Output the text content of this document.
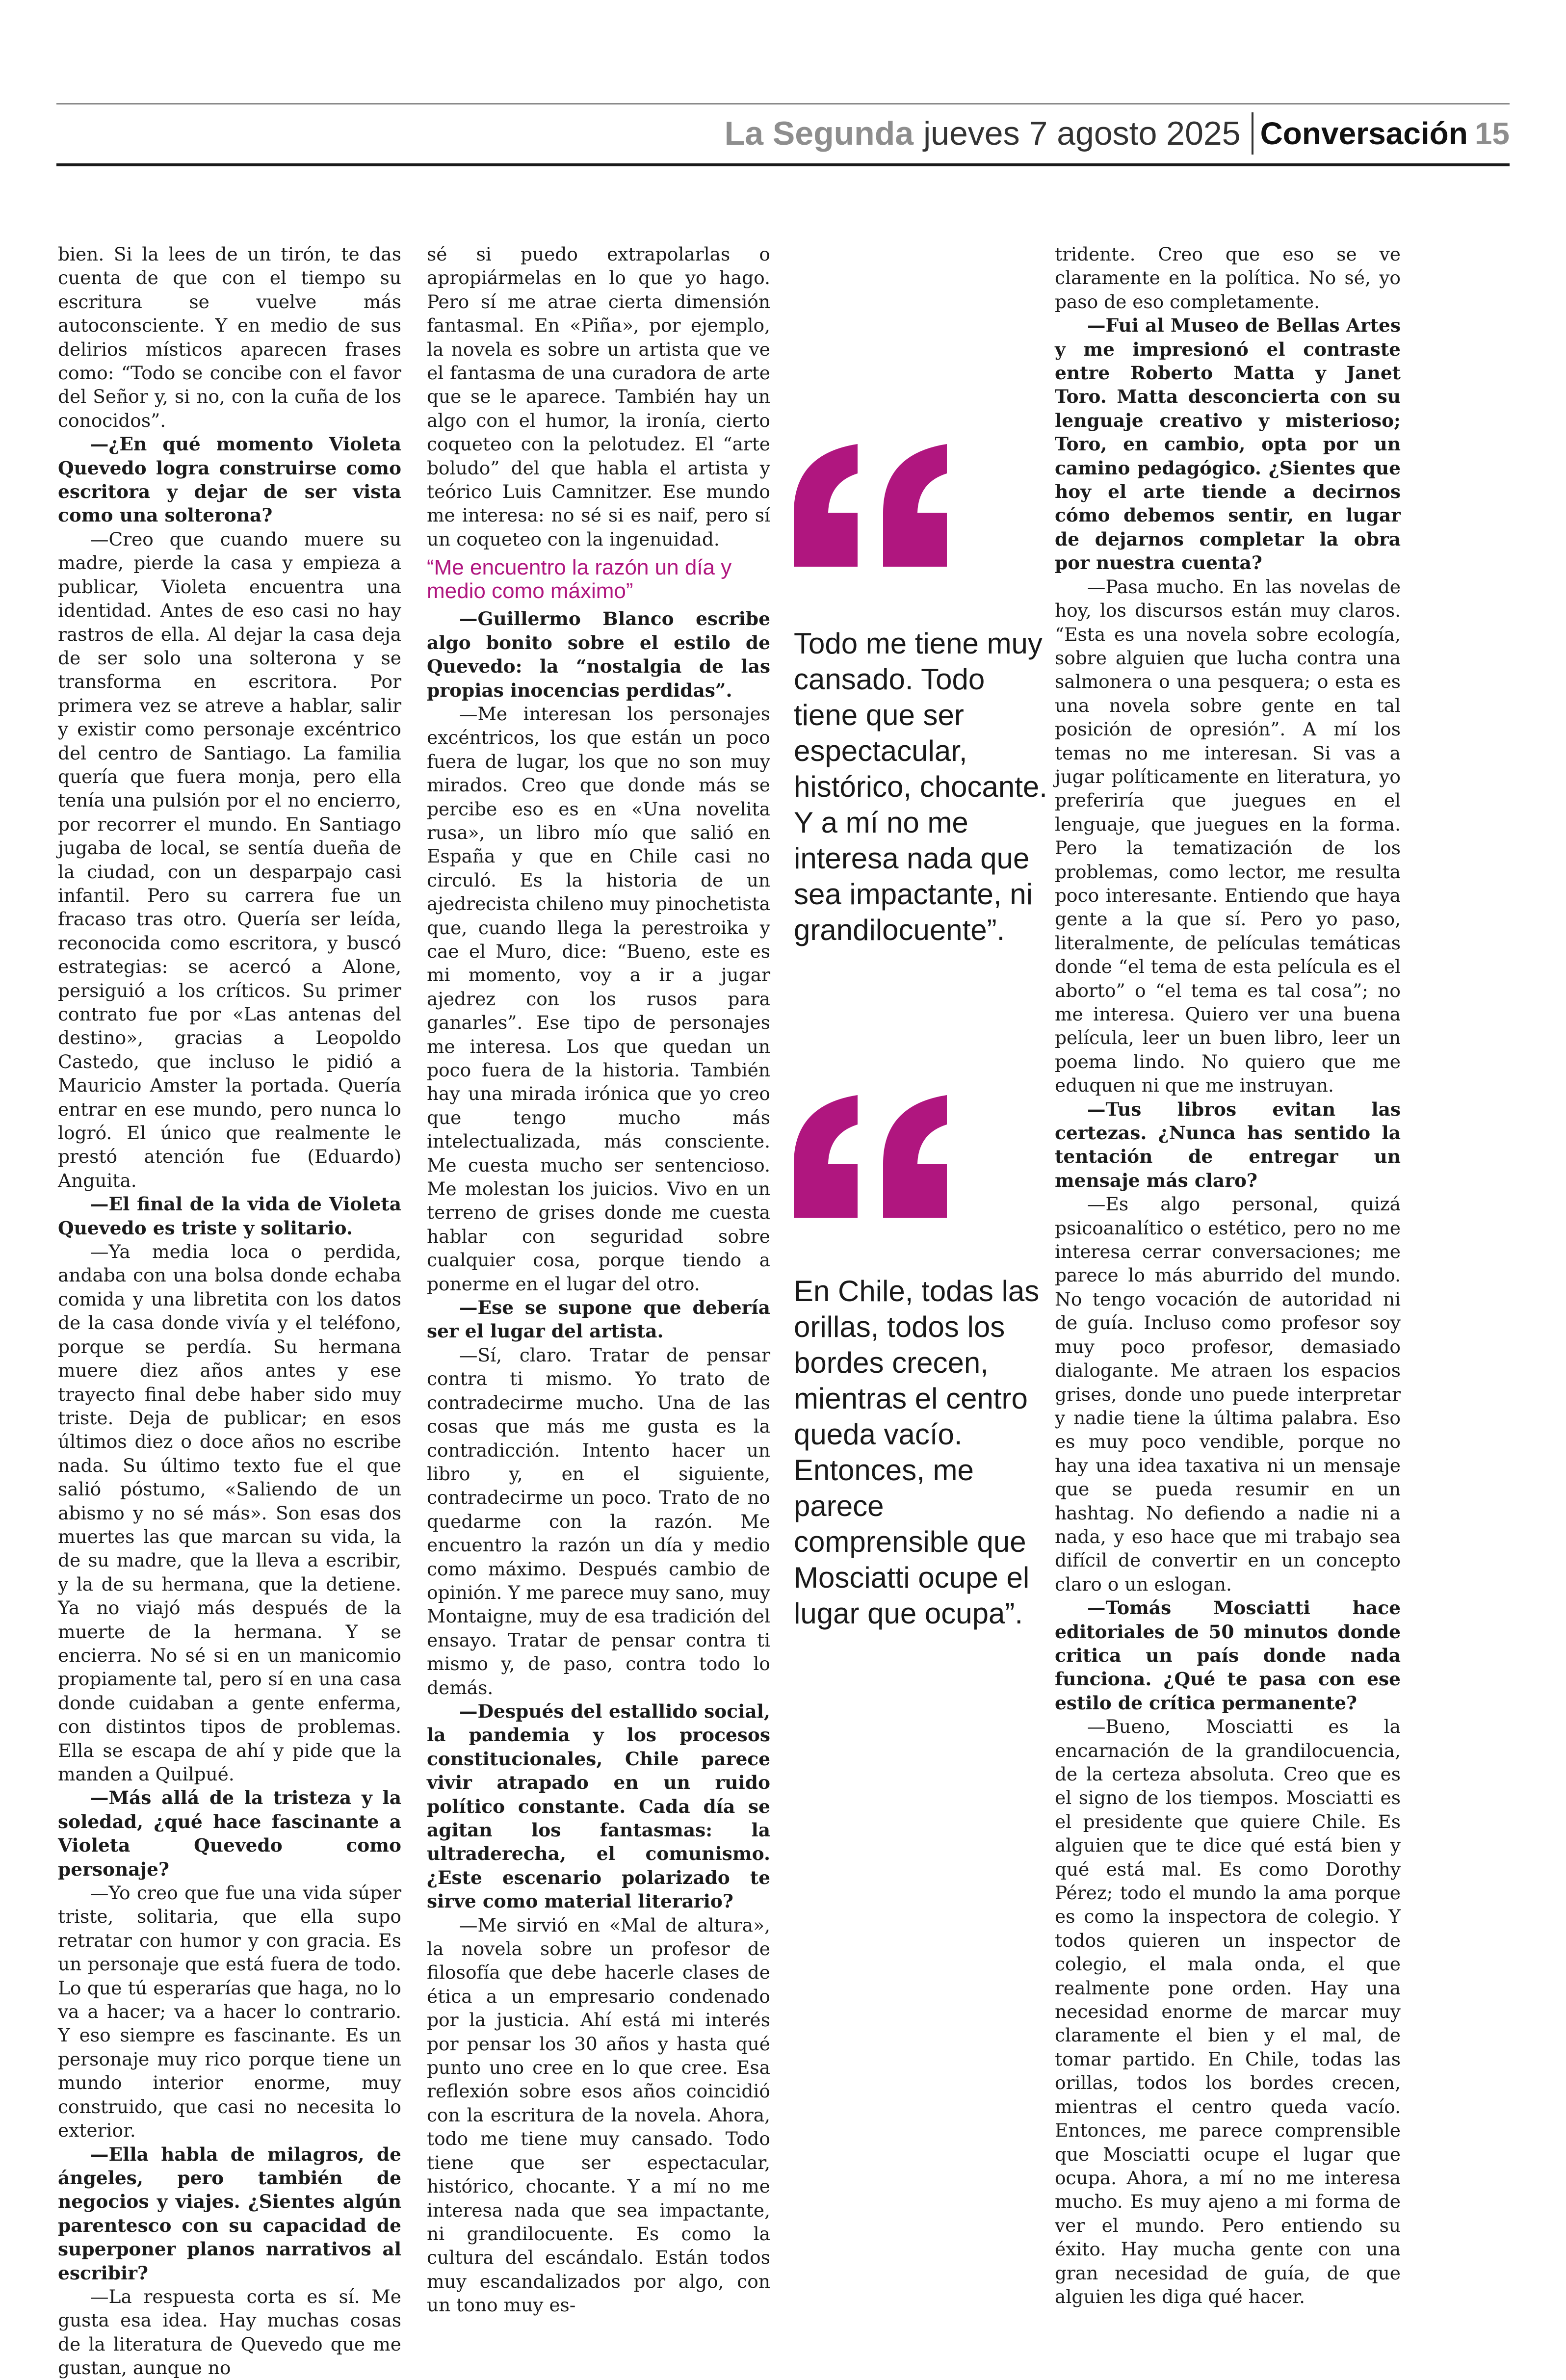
La Segunda jueves 7 agosto 2025 Conversación 15

bien. Si la lees de un tirón, te das cuenta de que con el tiempo su escritura se vuelve más autoconsciente. Y en medio de sus delirios místicos aparecen frases como: “Todo se concibe con el favor del Señor y, si no, con la cuña de los conocidos”.

—¿En qué momento Violeta Quevedo logra construirse como escritora y dejar de ser vista como una solterona?

—Creo que cuando muere su madre, pierde la casa y empieza a publicar, Violeta encuentra una identidad. Antes de eso casi no hay rastros de ella. Al dejar la casa deja de ser solo una solterona y se transforma en escritora. Por primera vez se atreve a hablar, salir y existir como personaje excéntrico del centro de Santiago. La familia quería que fuera monja, pero ella tenía una pulsión por el no encierro, por recorrer el mundo. En Santiago jugaba de local, se sentía dueña de la ciudad, con un desparpajo casi infantil. Pero su carrera fue un fracaso tras otro. Quería ser leída, reconocida como escritora, y buscó estrategias: se acercó a Alone, persiguió a los críticos. Su primer contrato fue por «Las antenas del destino», gracias a Leopoldo Castedo, que incluso le pidió a Mauricio Amster la portada. Quería entrar en ese mundo, pero nunca lo logró. El único que realmente le prestó atención fue (Eduardo) Anguita.

—El final de la vida de Violeta Quevedo es triste y solitario.

—Ya media loca o perdida, andaba con una bolsa donde echaba comida y una libretita con los datos de la casa donde vivía y el teléfono, porque se perdía. Su hermana muere diez años antes y ese trayecto final debe haber sido muy triste. Deja de publicar; en esos últimos diez o doce años no escribe nada. Su último texto fue el que salió póstumo, «Saliendo de un abismo y no sé más». Son esas dos muertes las que marcan su vida, la de su madre, que la lleva a escribir, y la de su hermana, que la detiene. Ya no viajó más después de la muerte de la hermana. Y se encierra. No sé si en un manicomio propiamente tal, pero sí en una casa donde cuidaban a gente enferma, con distintos tipos de problemas. Ella se escapa de ahí y pide que la manden a Quilpué.

—Más allá de la tristeza y la soledad, ¿qué hace fascinante a Violeta Quevedo como personaje?

—Yo creo que fue una vida súper triste, solitaria, que ella supo retratar con humor y con gracia. Es un personaje que está fuera de todo. Lo que tú esperarías que haga, no lo va a hacer; va a hacer lo contrario. Y eso siempre es fascinante. Es un personaje muy rico porque tiene un mundo interior enorme, muy construido, que casi no necesita lo exterior.

—Ella habla de milagros, de ángeles, pero también de negocios y viajes. ¿Sientes algún parentesco con su capacidad de superponer planos narrativos al escribir?

—La respuesta corta es sí. Me gusta esa idea. Hay muchas cosas de la literatura de Quevedo que me gustan, aunque no

sé si puedo extrapolarlas o apropiármelas en lo que yo hago. Pero sí me atrae cierta dimensión fantasmal. En «Piña», por ejemplo, la novela es sobre un artista que ve el fantasma de una curadora de arte que se le aparece. También hay un algo con el humor, la ironía, cierto coqueteo con la pelotudez. El “arte boludo” del que habla el artista y teórico Luis Camnitzer. Ese mundo me interesa: no sé si es naif, pero sí un coqueteo con la ingenuidad.

“Me encuentro la razón un día y medio como máximo”

—Guillermo Blanco escribe algo bonito sobre el estilo de Quevedo: la “nostalgia de las propias inocencias perdidas”.

—Me interesan los personajes excéntricos, los que están un poco fuera de lugar, los que no son muy mirados. Creo que donde más se percibe eso es en «Una novelita rusa», un libro mío que salió en España y que en Chile casi no circuló. Es la historia de un ajedrecista chileno muy pinochetista que, cuando llega la perestroika y cae el Muro, dice: “Bueno, este es mi momento, voy a ir a jugar ajedrez con los rusos para ganarles”. Ese tipo de personajes me interesa. Los que quedan un poco fuera de la historia. También hay una mirada irónica que yo creo que tengo mucho más intelectualizada, más consciente. Me cuesta mucho ser sentencioso. Me molestan los juicios. Vivo en un terreno de grises donde me cuesta hablar con seguridad sobre cualquier cosa, porque tiendo a ponerme en el lugar del otro.

—Ese se supone que debería ser el lugar del artista.

—Sí, claro. Tratar de pensar contra ti mismo. Yo trato de contradecirme mucho. Una de las cosas que más me gusta es la contradicción. Intento hacer un libro y, en el siguiente, contradecirme un poco. Trato de no quedarme con la razón. Me encuentro la razón un día y medio como máximo. Después cambio de opinión. Y me parece muy sano, muy Montaigne, muy de esa tradición del ensayo. Tratar de pensar contra ti mismo y, de paso, contra todo lo demás.

—Después del estallido social, la pandemia y los procesos constitucionales, Chile parece vivir atrapado en un ruido político constante. Cada día se agitan los fantasmas: la ultraderecha, el comunismo. ¿Este escenario polarizado te sirve como material literario?

—Me sirvió en «Mal de altura», la novela sobre un profesor de filosofía que debe hacerle clases de ética a un empresario condenado por la justicia. Ahí está mi interés por pensar los 30 años y hasta qué punto uno cree en lo que cree. Esa reflexión sobre esos años coincidió con la escritura de la novela. Ahora, todo me tiene muy cansado. Todo tiene que ser espectacular, histórico, chocante. Y a mí no me interesa nada que sea impactante, ni grandilocuente. Es como la cultura del escándalo. Están todos muy escandalizados por algo, con un tono muy es-

Todo me tiene muy cansado. Todo tiene que ser espectacular, histórico, chocante. Y a mí no me interesa nada que sea impactante, ni grandilocuente”.
En Chile, todas las orillas, todos los bordes crecen, mientras el centro queda vacío. Entonces, me parece comprensible que Mosciatti ocupe el lugar que ocupa”.

tridente. Creo que eso se ve claramente en la política. No sé, yo paso de eso completamente.

—Fui al Museo de Bellas Artes y me impresionó el contraste entre Roberto Matta y Janet Toro. Matta desconcierta con su lenguaje creativo y misterioso; Toro, en cambio, opta por un camino pedagógico. ¿Sientes que hoy el arte tiende a decirnos cómo debemos sentir, en lugar de dejarnos completar la obra por nuestra cuenta?

—Pasa mucho. En las novelas de hoy, los discursos están muy claros. “Esta es una novela sobre ecología, sobre alguien que lucha contra una salmonera o una pesquera; o esta es una novela sobre gente en tal posición de opresión”. A mí los temas no me interesan. Si vas a jugar políticamente en literatura, yo preferiría que juegues en el lenguaje, que juegues en la forma. Pero la tematización de los problemas, como lector, me resulta poco interesante. Entiendo que haya gente a la que sí. Pero yo paso, literalmente, de películas temáticas donde “el tema de esta película es el aborto” o “el tema es tal cosa”; no me interesa. Quiero ver una buena película, leer un buen libro, leer un poema lindo. No quiero que me eduquen ni que me instruyan.

—Tus libros evitan las certezas. ¿Nunca has sentido la tentación de entregar un mensaje más claro?

—Es algo personal, quizá psicoanalítico o estético, pero no me interesa cerrar conversaciones; me parece lo más aburrido del mundo. No tengo vocación de autoridad ni de guía. Incluso como profesor soy muy poco profesor, demasiado dialogante. Me atraen los espacios grises, donde uno puede interpretar y nadie tiene la última palabra. Eso es muy poco vendible, porque no hay una idea taxativa ni un mensaje que se pueda resumir en un hashtag. No defiendo a nadie ni a nada, y eso hace que mi trabajo sea difícil de convertir en un concepto claro o un eslogan.

—Tomás Mosciatti hace editoriales de 50 minutos donde critica un país donde nada funciona. ¿Qué te pasa con ese estilo de crítica permanente?

—Bueno, Mosciatti es la encarnación de la grandilocuencia, de la certeza absoluta. Creo que es el signo de los tiempos. Mosciatti es el presidente que quiere Chile. Es alguien que te dice qué está bien y qué está mal. Es como Dorothy Pérez; todo el mundo la ama porque es como la inspectora de colegio. Y todos quieren un inspector de colegio, el mala onda, el que realmente pone orden. Hay una necesidad enorme de marcar muy claramente el bien y el mal, de tomar partido. En Chile, todas las orillas, todos los bordes crecen, mientras el centro queda vacío. Entonces, me parece comprensible que Mosciatti ocupe el lugar que ocupa. Ahora, a mí no me interesa mucho. Es muy ajeno a mi forma de ver el mundo. Pero entiendo su éxito. Hay mucha gente con una gran necesidad de guía, de que alguien les diga qué hacer.
